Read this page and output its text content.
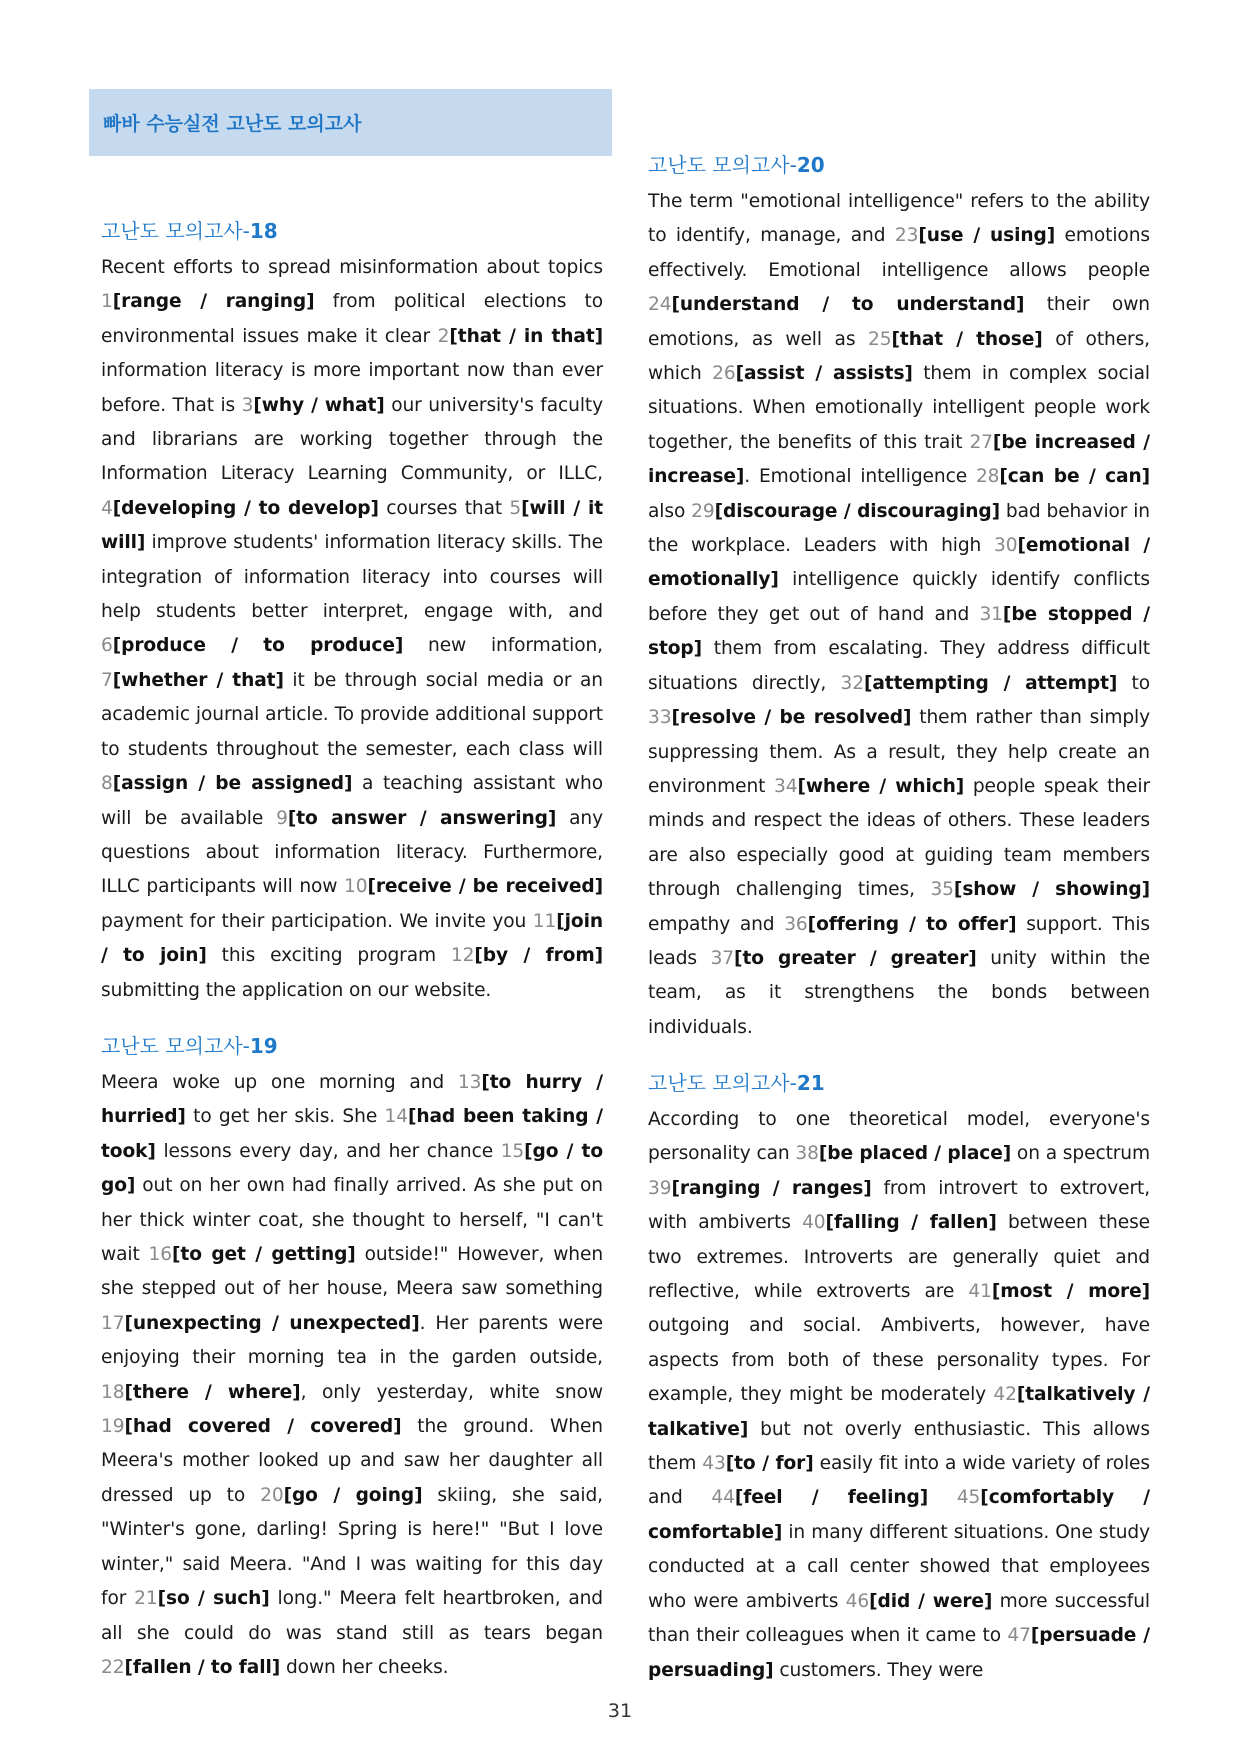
빠바 수능실전 고난도 모의고사
고난도 모의고사-18
Recent efforts to spread misinformation about topics 1[range / ranging] from political elections to environmental issues make it clear 2[that / in that] information literacy is more important now than ever before. That is 3[why / what] our university's faculty and librarians are working together through the Information Literacy Learning Community, or ILLC, 4[developing / to develop] courses that 5[will / it will] improve students' information literacy skills. The integration of information literacy into courses will help students better interpret, engage with, and 6[produce / to produce] new information, 7[whether / that] it be through social media or an academic journal article. To provide additional support to students throughout the semester, each class will 8[assign / be assigned] a teaching assistant who will be available 9[to answer / answering] any questions about information literacy. Furthermore, ILLC participants will now 10[receive / be received] payment for their participation. We invite you 11[join / to join] this exciting program 12[by / from] submitting the application on our website.
고난도 모의고사-19
Meera woke up one morning and 13[to hurry / hurried] to get her skis. She 14[had been taking / took] lessons every day, and her chance 15[go / to go] out on her own had finally arrived. As she put on her thick winter coat, she thought to herself, "I can't wait 16[to get / getting] outside!" However, when she stepped out of her house, Meera saw something 17[unexpecting / unexpected]. Her parents were enjoying their morning tea in the garden outside, 18[there / where], only yesterday, white snow 19[had covered / covered] the ground. When Meera's mother looked up and saw her daughter all dressed up to 20[go / going] skiing, she said, "Winter's gone, darling! Spring is here!" "But I love winter," said Meera. "And I was waiting for this day for 21[so / such] long." Meera felt heartbroken, and all she could do was stand still as tears began 22[fallen / to fall] down her cheeks.
고난도 모의고사-20
The term "emotional intelligence" refers to the ability to identify, manage, and 23[use / using] emotions effectively. Emotional intelligence allows people 24[understand / to understand] their own emotions, as well as 25[that / those] of others, which 26[assist / assists] them in complex social situations. When emotionally intelligent people work together, the benefits of this trait 27[be increased / increase]. Emotional intelligence 28[can be / can] also 29[discourage / discouraging] bad behavior in the workplace. Leaders with high 30[emotional / emotionally] intelligence quickly identify conflicts before they get out of hand and 31[be stopped / stop] them from escalating. They address difficult situations directly, 32[attempting / attempt] to 33[resolve / be resolved] them rather than simply suppressing them. As a result, they help create an environment 34[where / which] people speak their minds and respect the ideas of others. These leaders are also especially good at guiding team members through challenging times, 35[show / showing] empathy and 36[offering / to offer] support. This leads 37[to greater / greater] unity within the team, as it strengthens the bonds between individuals.
고난도 모의고사-21
According to one theoretical model, everyone's personality can 38[be placed / place] on a spectrum 39[ranging / ranges] from introvert to extrovert, with ambiverts 40[falling / fallen] between these two extremes. Introverts are generally quiet and reflective, while extroverts are 41[most / more] outgoing and social. Ambiverts, however, have aspects from both of these personality types. For example, they might be moderately 42[talkatively / talkative] but not overly enthusiastic. This allows them 43[to / for] easily fit into a wide variety of roles and 44[feel / feeling] 45[comfortably / comfortable] in many different situations. One study conducted at a call center showed that employees who were ambiverts 46[did / were] more successful than their colleagues when it came to 47[persuade / persuading] customers. They were
31
